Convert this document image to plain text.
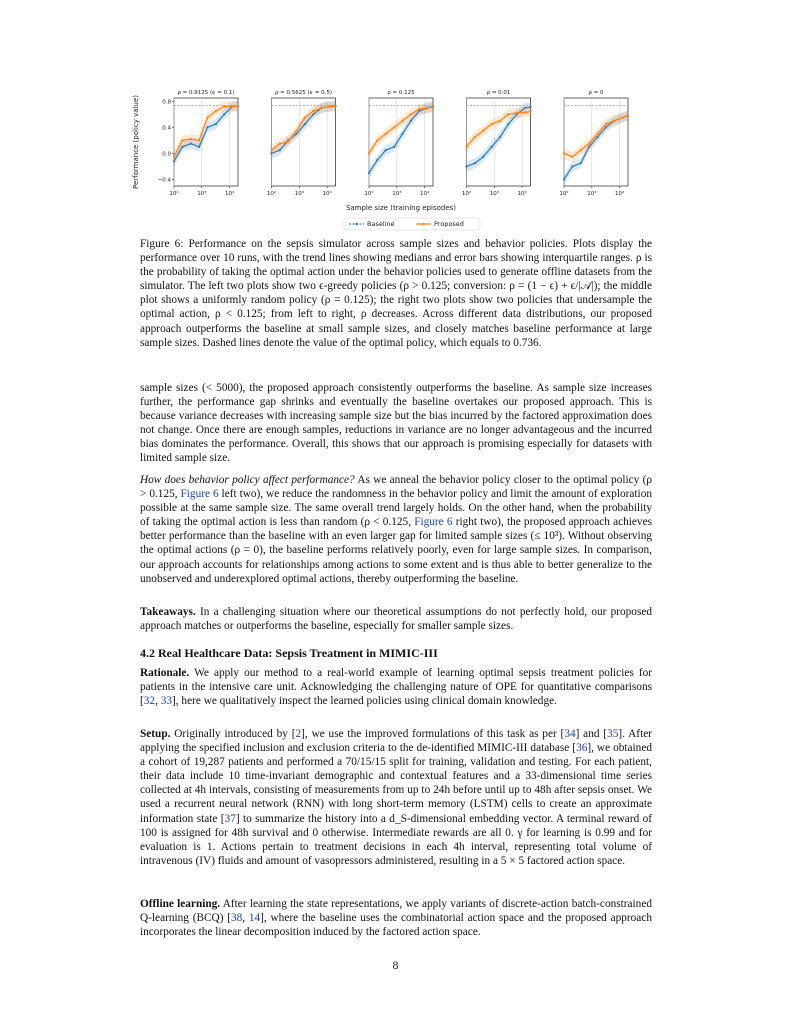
ρ = 0.9125 (ϵ = 0.1)
10²	10³	10⁴
0.8
0.4
0.0
−0.4
ρ = 0.5625 (ϵ = 0.5)
10²	10³	10⁴
ρ = 0.125
10²	10³	10⁴
ρ = 0.01
10²	10³	10⁴
ρ = 0
10²	10³	10⁴
Performance (policy value)
Sample size (training episodes)
Baseline	Proposed

Figure 6: Performance on the sepsis simulator across sample sizes and behavior policies. Plots display the performance over 10 runs, with the trend lines showing medians and error bars showing interquartile ranges. ρ is the probability of taking the optimal action under the behavior policies used to generate offline datasets from the simulator. The left two plots show two ϵ-greedy policies (ρ > 0.125; conversion: ρ = (1 − ϵ) + ϵ/|𝒜|); the middle plot shows a uniformly random policy (ρ = 0.125); the right two plots show two policies that undersample the optimal action, ρ < 0.125; from left to right, ρ decreases. Across different data distributions, our proposed approach outperforms the baseline at small sample sizes, and closely matches baseline performance at large sample sizes. Dashed lines denote the value of the optimal policy, which equals to 0.736.

sample sizes (< 5000), the proposed approach consistently outperforms the baseline. As sample size increases further, the performance gap shrinks and eventually the baseline overtakes our proposed approach. This is because variance decreases with increasing sample size but the bias incurred by the factored approximation does not change. Once there are enough samples, reductions in variance are no longer advantageous and the incurred bias dominates the performance. Overall, this shows that our approach is promising especially for datasets with limited sample size.

How does behavior policy affect performance? As we anneal the behavior policy closer to the optimal policy (ρ > 0.125, Figure 6 left two), we reduce the randomness in the behavior policy and limit the amount of exploration possible at the same sample size. The same overall trend largely holds. On the other hand, when the probability of taking the optimal action is less than random (ρ < 0.125, Figure 6 right two), the proposed approach achieves better performance than the baseline with an even larger gap for limited sample sizes (≤ 10³). Without observing the optimal actions (ρ = 0), the baseline performs relatively poorly, even for large sample sizes. In comparison, our approach accounts for relationships among actions to some extent and is thus able to better generalize to the unobserved and underexplored optimal actions, thereby outperforming the baseline.

Takeaways. In a challenging situation where our theoretical assumptions do not perfectly hold, our proposed approach matches or outperforms the baseline, especially for smaller sample sizes.

4.2 Real Healthcare Data: Sepsis Treatment in MIMIC-III

Rationale. We apply our method to a real-world example of learning optimal sepsis treatment policies for patients in the intensive care unit. Acknowledging the challenging nature of OPE for quantitative comparisons [32, 33], here we qualitatively inspect the learned policies using clinical domain knowledge.

Setup. Originally introduced by [2], we use the improved formulations of this task as per [34] and [35]. After applying the specified inclusion and exclusion criteria to the de-identified MIMIC-III database [36], we obtained a cohort of 19,287 patients and performed a 70/15/15 split for training, validation and testing. For each patient, their data include 10 time-invariant demographic and contextual features and a 33-dimensional time series collected at 4h intervals, consisting of measurements from up to 24h before until up to 48h after sepsis onset. We used a recurrent neural network (RNN) with long short-term memory (LSTM) cells to create an approximate information state [37] to summarize the history into a d_S-dimensional embedding vector. A terminal reward of 100 is assigned for 48h survival and 0 otherwise. Intermediate rewards are all 0. γ for learning is 0.99 and for evaluation is 1. Actions pertain to treatment decisions in each 4h interval, representing total volume of intravenous (IV) fluids and amount of vasopressors administered, resulting in a 5 × 5 factored action space.

Offline learning. After learning the state representations, we apply variants of discrete-action batch-constrained Q-learning (BCQ) [38, 14], where the baseline uses the combinatorial action space and the proposed approach incorporates the linear decomposition induced by the factored action space.

8
